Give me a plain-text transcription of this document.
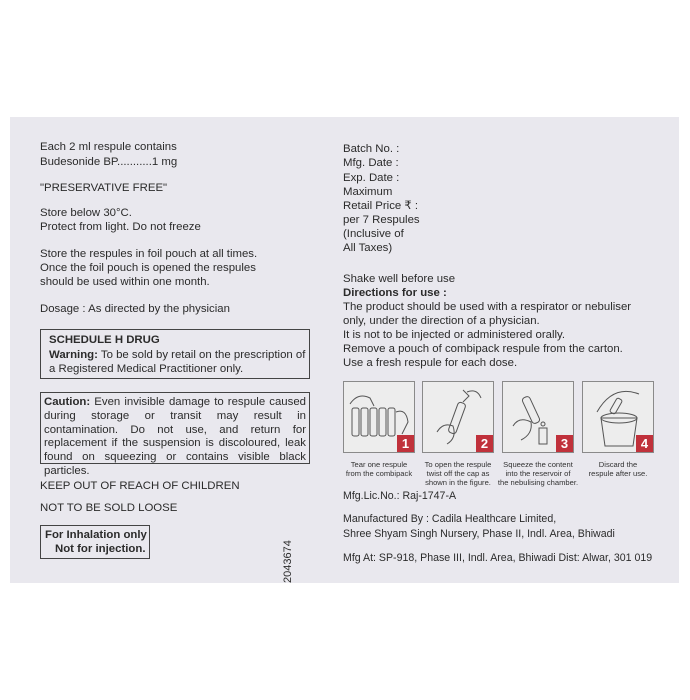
Each 2 ml respule contains

Budesonide BP...........1 mg

"PRESERVATIVE FREE"

Store below 30°C.

Protect from light. Do not freeze

Store the respules in foil pouch at all times.

Once the foil pouch is opened the respules

should be used within one month.

Dosage : As directed by the physician

SCHEDULE H DRUG

Warning: To be sold by retail on the prescription of

a Registered Medical Practitioner only.

Caution: Even invisible damage to respule caused during storage or transit may result in contamination. Do not use, and return for replacement if the suspension is discoloured, leak found on squeezing or contains visible black particles.

KEEP OUT OF REACH OF CHILDREN

NOT TO BE SOLD LOOSE

For Inhalation only

Not for injection.	2043674

Batch No. :

Mfg. Date :

Exp. Date :

Maximum

Retail Price ₹ :

per 7 Respules

(Inclusive of

All Taxes)

Shake well before use

Directions for use :

The product should be used with a respirator or nebuliser

only, under the direction of a physician.

It is not to be injected or administered orally.

Remove a pouch of combipack respule from the carton.

Use a fresh respule for each dose.

1	2	3	4
Tear one respule
from the combipack
To open the respule
twist off the cap as
shown in the figure.
Squeeze the content
into the reservoir of
the nebulising chamber.
Discard the
respule after use.

Mfg.Lic.No.: Raj-1747-A

Manufactured By : Cadila Healthcare Limited,

Shree Shyam Singh Nursery, Phase II, Indl. Area, Bhiwadi

Mfg At: SP-918, Phase III, Indl. Area, Bhiwadi Dist: Alwar, 301 019
